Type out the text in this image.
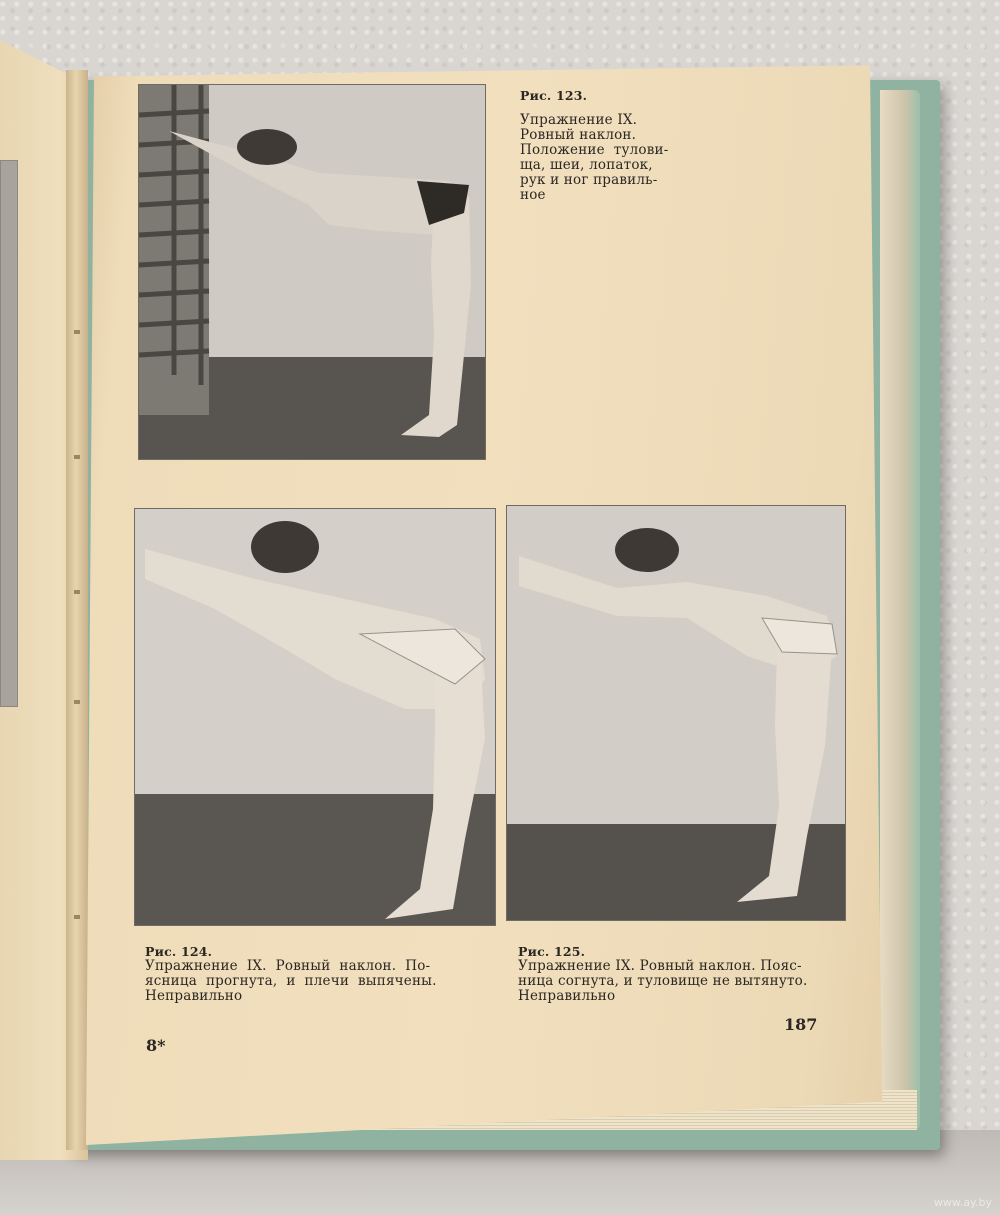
Рис. 123.
Упражнение IX.
Ровный наклон.
Положение  тулови-
ща, шеи, лопаток,
рук и ног правиль-
ное
Рис. 124.
Упражнение  IX.  Ровный  наклон.  По-
ясница  прогнута,  и  плечи  выпячены.
Неправильно
Рис. 125.
Упражнение IX. Ровный наклон. Пояс-
ница согнута, и туловище не вытянуто.
Неправильно
8*
187
www.ay.by
